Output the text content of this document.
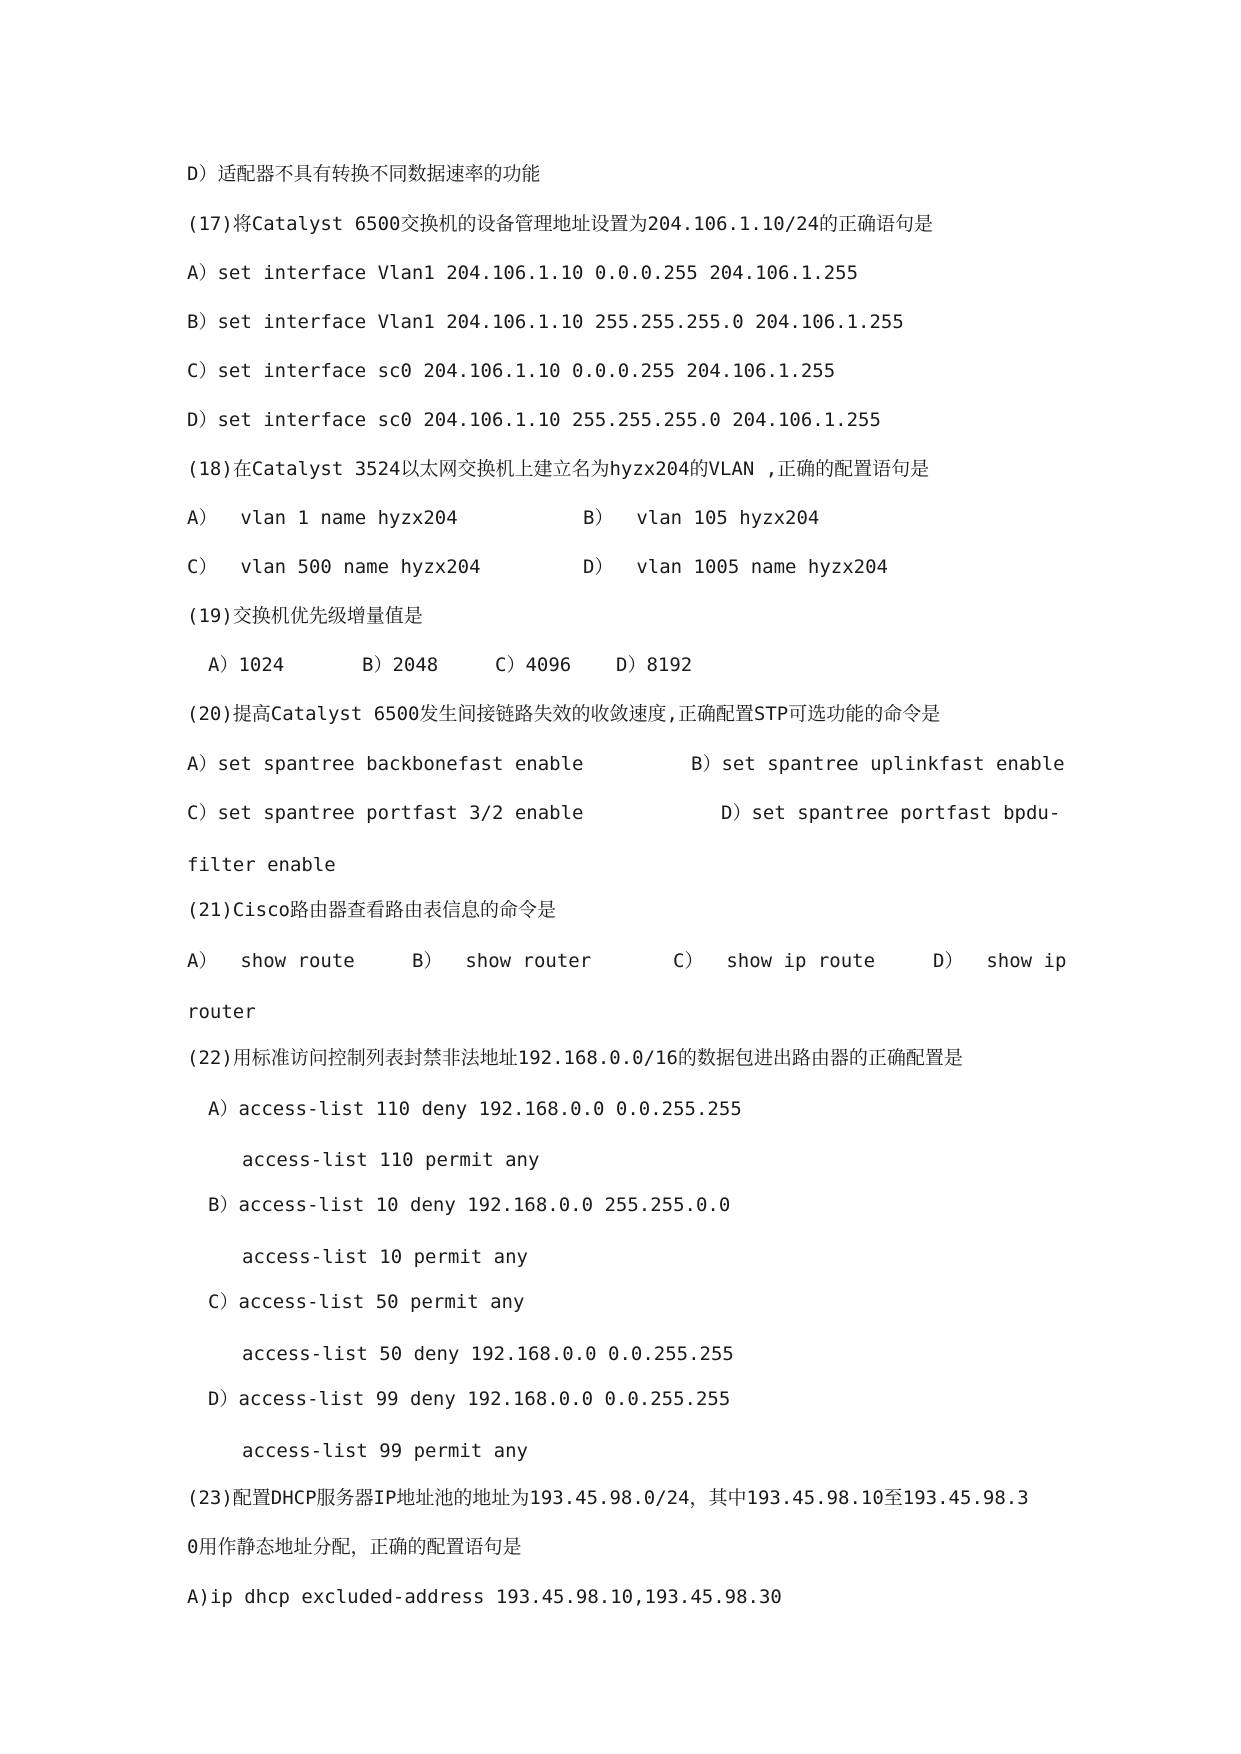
D）适配器不具有转换不同数据速率的功能
(17)将Catalyst 6500交换机的设备管理地址设置为204.106.1.10/24的正确语句是
A）set interface Vlan1 204.106.1.10 0.0.0.255 204.106.1.255
B）set interface Vlan1 204.106.1.10 255.255.255.0 204.106.1.255
C）set interface sc0 204.106.1.10 0.0.0.255 204.106.1.255
D）set interface sc0 204.106.1.10 255.255.255.0 204.106.1.255
(18)在Catalyst 3524以太网交换机上建立名为hyzx204的VLAN ,正确的配置语句是
A）  vlan 1 name hyzx204	B）  vlan 105 hyzx204
C）  vlan 500 name hyzx204	D）  vlan 1005 name hyzx204
(19)交换机优先级增量值是
A）1024	B）2048	C）4096 D）8192
(20)提高Catalyst 6500发生间接链路失效的收敛速度,正确配置STP可选功能的命令是
A）set spantree backbonefast enable	B）set spantree uplinkfast enable
C）set spantree portfast 3/2 enable	D）set spantree portfast bpdu-
filter enable
(21)Cisco路由器查看路由表信息的命令是
A）  show route	B）  show router	C）  show ip route	D）  show ip
router
(22)用标准访问控制列表封禁非法地址192.168.0.0/16的数据包进出路由器的正确配置是
A）access-list 110 deny 192.168.0.0 0.0.255.255
access-list 110 permit any
B）access-list 10 deny 192.168.0.0 255.255.0.0
access-list 10 permit any
C）access-list 50 permit any
access-list 50 deny 192.168.0.0 0.0.255.255
D）access-list 99 deny 192.168.0.0 0.0.255.255
access-list 99 permit any
(23)配置DHCP服务器IP地址池的地址为193.45.98.0/24，其中193.45.98.10至193.45.98.3
0用作静态地址分配，正确的配置语句是
A)ip dhcp excluded-address 193.45.98.10,193.45.98.30
